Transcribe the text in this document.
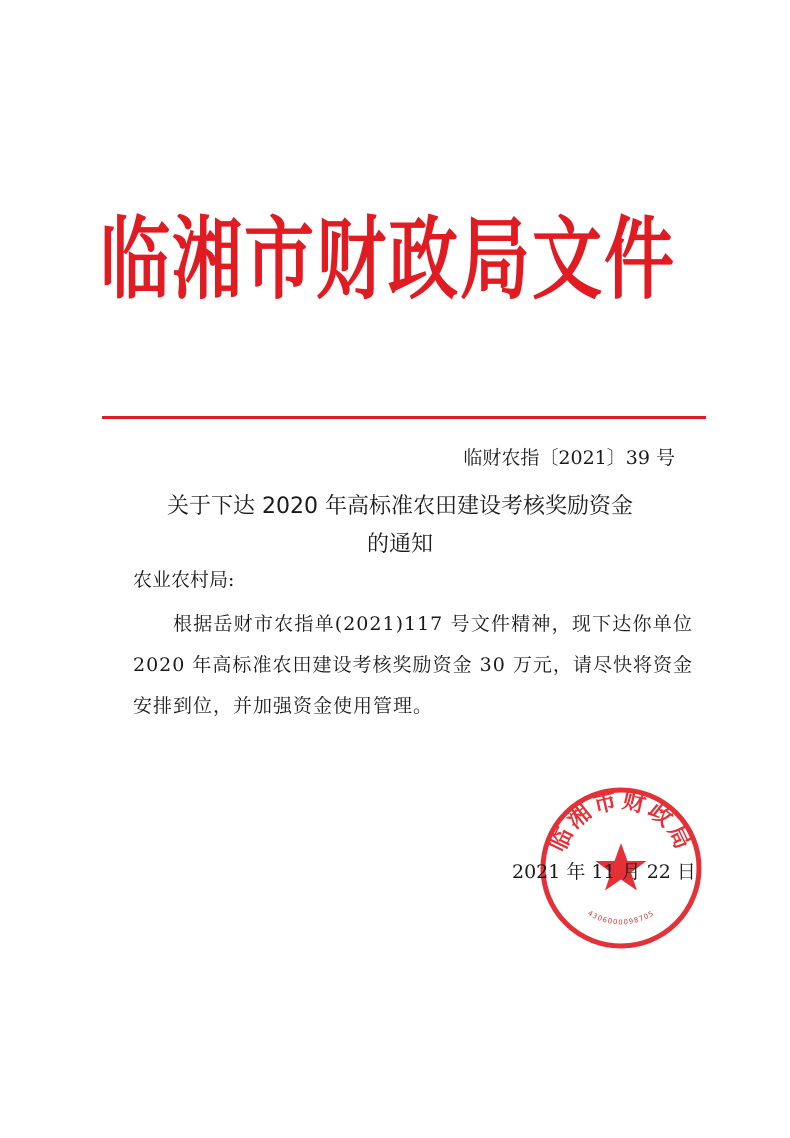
临湘市财政局文件
临财农指〔2021〕39 号
关于下达 2020 年高标准农田建设考核奖励资金
的通知
农业农村局:
根据岳财市农指单(2021)117 号文件精神，现下达你单位 2020 年高标准农田建设考核奖励资金 30 万元，请尽快将资金安排到位，并加强资金使用管理。
临湘市财政局
4306000098705
2021 年 11 月 22 日
